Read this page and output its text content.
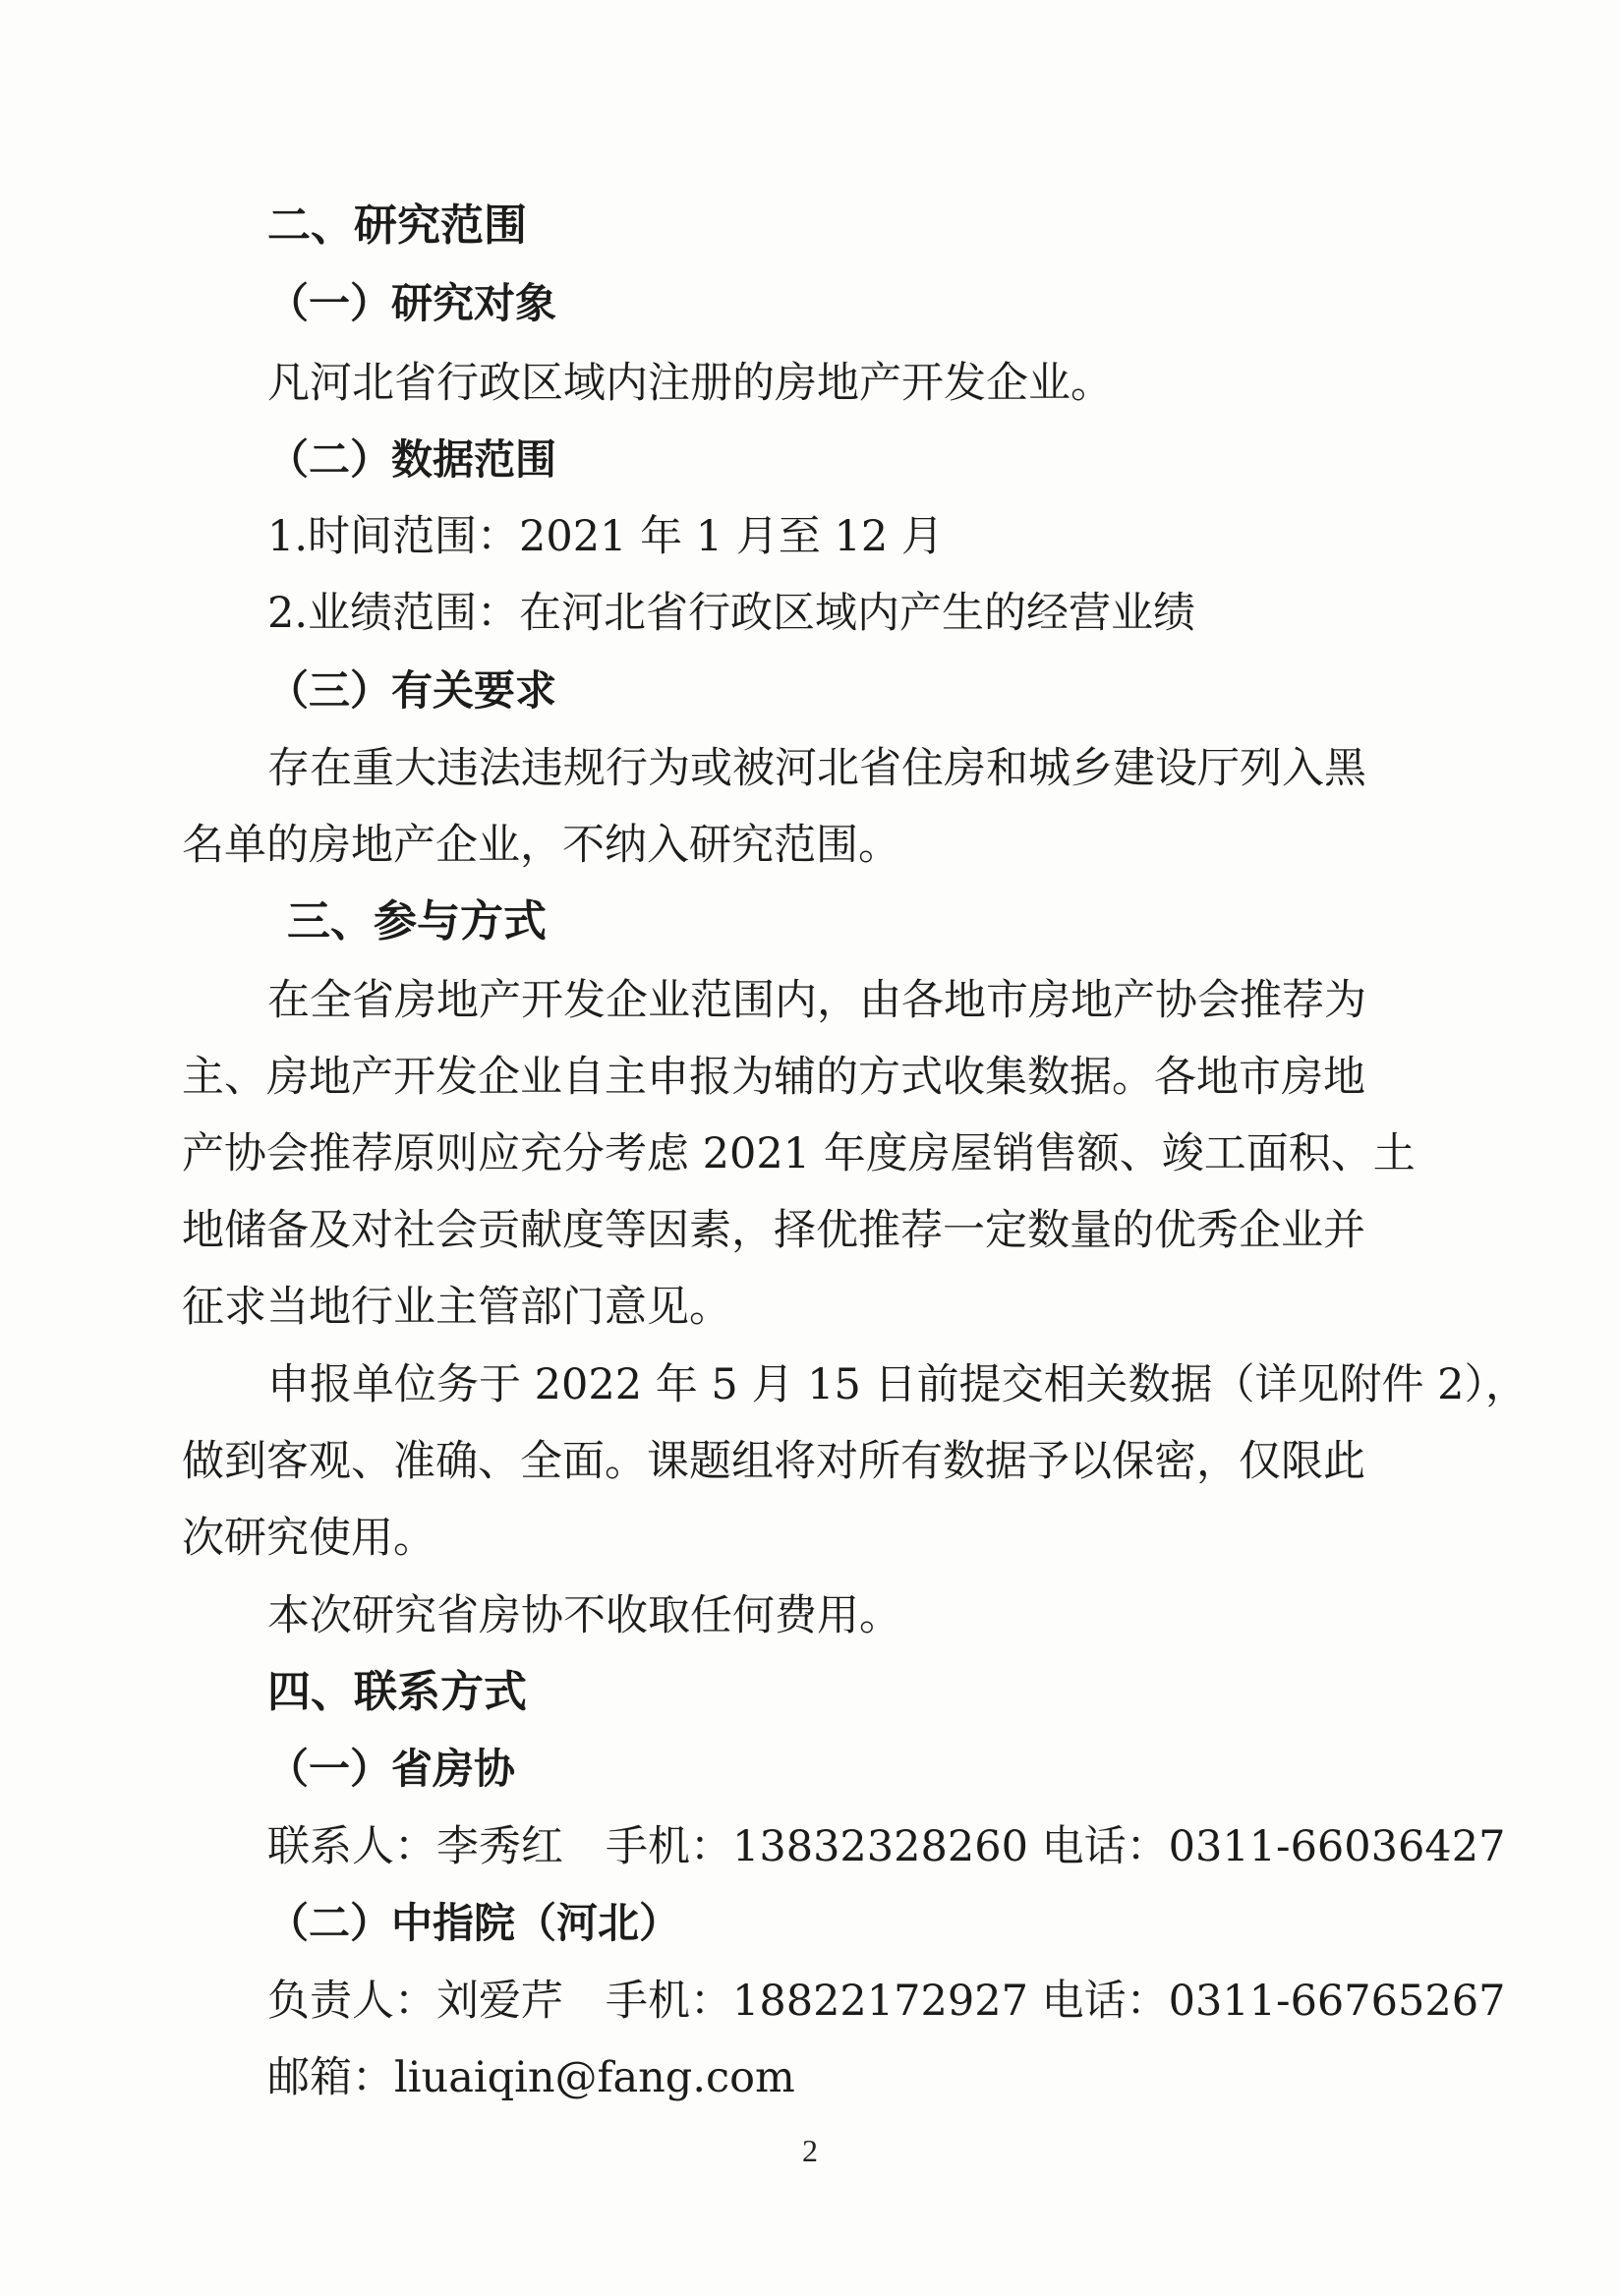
二、研究范围
（一）研究对象
凡河北省行政区域内注册的房地产开发企业。
（二）数据范围
1.时间范围：2021 年 1 月至 12 月
2.业绩范围：在河北省行政区域内产生的经营业绩
（三）有关要求
存在重大违法违规行为或被河北省住房和城乡建设厅列入黑
名单的房地产企业，不纳入研究范围。
三、参与方式
在全省房地产开发企业范围内，由各地市房地产协会推荐为
主、房地产开发企业自主申报为辅的方式收集数据。各地市房地
产协会推荐原则应充分考虑 2021 年度房屋销售额、竣工面积、土
地储备及对社会贡献度等因素，择优推荐一定数量的优秀企业并
征求当地行业主管部门意见。
申报单位务于 2022 年 5 月 15 日前提交相关数据（详见附件 2），
做到客观、准确、全面。课题组将对所有数据予以保密，仅限此
次研究使用。
本次研究省房协不收取任何费用。
四、联系方式
（一）省房协
联系人：李秀红　手机：13832328260 电话：0311-66036427
（二）中指院（河北）
负责人：刘爱芹　手机：18822172927 电话：0311-66765267
邮箱：liuaiqin@fang.com
2
